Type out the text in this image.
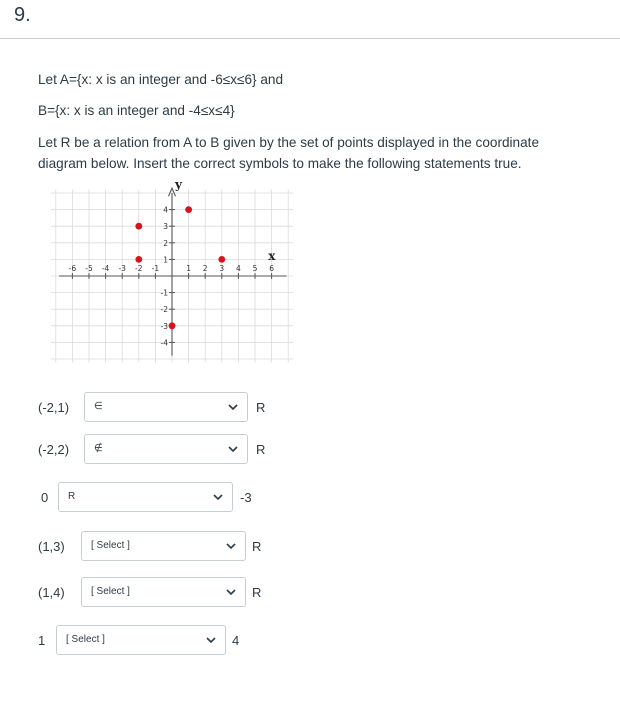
9.
Let A={x: x is an integer and -6≤x≤6} and
B={x: x is an integer and -4≤x≤4}
Let R be a relation from A to B given by the set of points displayed in the coordinate
diagram below. Insert the correct symbols to make the following statements true.
x
y
-6 -5 -4 -3 -2 -1	1 2 3 4 5 6
4
3
2
1
-1
-2
-3
-4
(-2,1) ∈	R
(-2,2) ∉	R
0 R	-3
(1,3)	[ Select ]	R
(1,4)	[ Select ]	R
1 [ Select ]	4
